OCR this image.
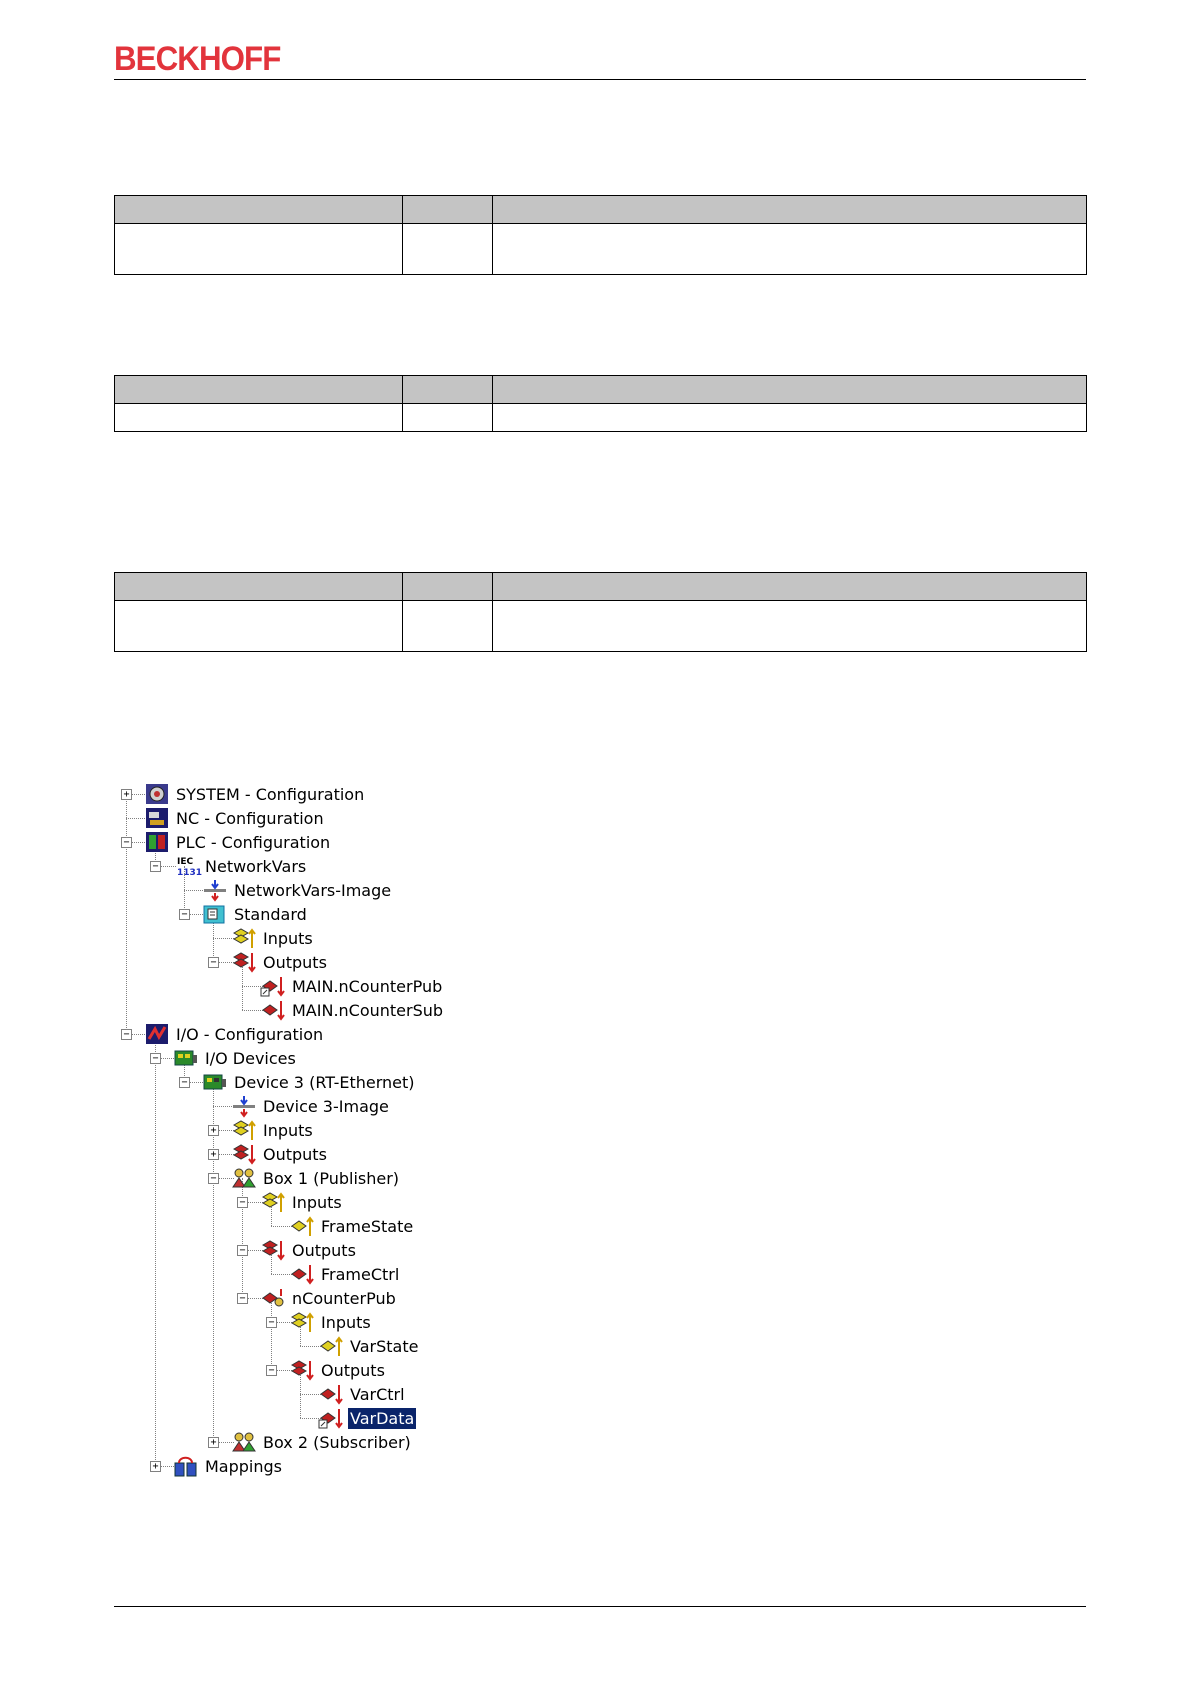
BECKHOFF

+	SYSTEM - Configuration
NC - Configuration
−	PLC - Configuration
− IEC
1131 NetworkVars
NetworkVars-Image
−	Standard
Inputs
−	Outputs
MAIN.nCounterPub
MAIN.nCounterSub
−	I/O - Configuration
−	I/O Devices
−	Device 3 (RT-Ethernet)
Device 3-Image
+	Inputs
+	Outputs
−	Box 1 (Publisher)
−	Inputs
FrameState
−	Outputs
FrameCtrl
−	nCounterPub
−	Inputs
VarState
−	Outputs
VarCtrl
VarData
+	Box 2 (Subscriber)
+	Mappings
